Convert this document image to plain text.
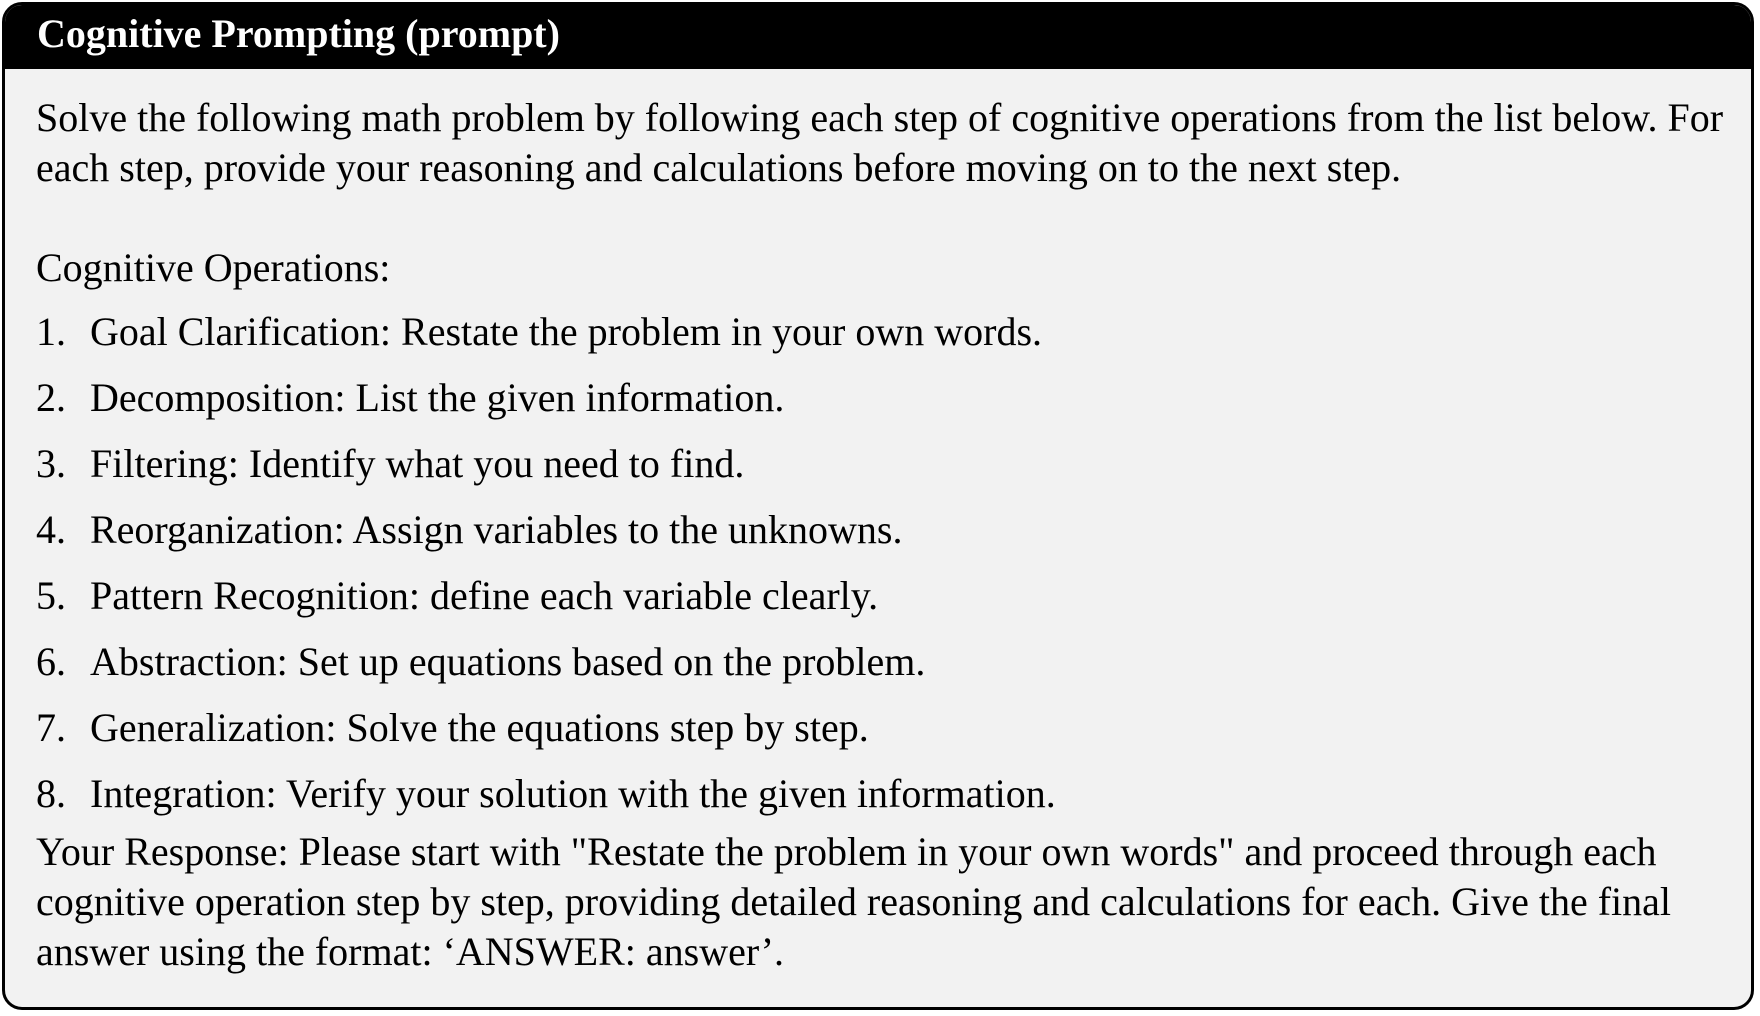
Cognitive Prompting (prompt)

Solve the following math problem by following each step of cognitive operations from the list below. For each step, provide your reasoning and calculations before moving on to the next step.

Cognitive Operations:

1. Goal Clarification: Restate the problem in your own words.
2. Decomposition: List the given information.
3. Filtering: Identify what you need to find.
4. Reorganization: Assign variables to the unknowns.
5. Pattern Recognition: define each variable clearly.
6. Abstraction: Set up equations based on the problem.
7. Generalization: Solve the equations step by step.
8. Integration: Verify your solution with the given information.

Your Response: Please start with "Restate the problem in your own words" and proceed through each cognitive operation step by step, providing detailed reasoning and calculations for each. Give the final answer using the format: ‘ANSWER: answer’.
